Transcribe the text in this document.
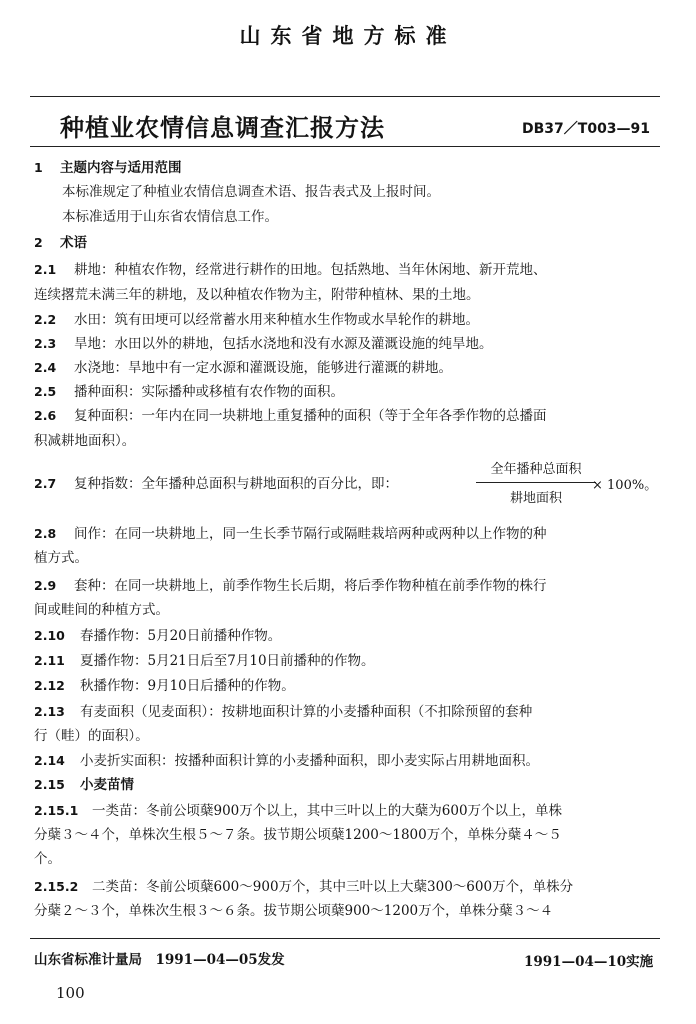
山东省地方标准
种植业农情信息调查汇报方法	DB37／T003—91
1 主题内容与适用范围
本标准规定了种植业农情信息调查术语、报告表式及上报时间。
本标准适用于山东省农情信息工作。
2 术语
2.1 耕地：种植农作物，经常进行耕作的田地。包括熟地、当年休闲地、新开荒地、
连续撂荒未满三年的耕地，及以种植农作物为主，附带种植林、果的土地。
2.2 水田：筑有田埂可以经常蓄水用来种植水生作物或水旱轮作的耕地。
2.3 旱地：水田以外的耕地，包括水浇地和没有水源及灌溉设施的纯旱地。
2.4 水浇地：旱地中有一定水源和灌溉设施，能够进行灌溉的耕地。
2.5 播种面积：实际播种或移植有农作物的面积。
2.6 复种面积：一年内在同一块耕地上重复播种的面积（等于全年各季作物的总播面
积减耕地面积）。
2.7 复种指数：全年播种总面积与耕地面积的百分比，即：
全年播种总面积
耕地面积
× 100%。
2.8 间作：在同一块耕地上，同一生长季节隔行或隔畦栽培两种或两种以上作物的种
植方式。
2.9 套种：在同一块耕地上，前季作物生长后期，将后季作物种植在前季作物的株行
间或畦间的种植方式。
2.10 春播作物：5月20日前播种作物。
2.11 夏播作物：5月21日后至7月10日前播种的作物。
2.12 秋播作物：9月10日后播种的作物。
2.13 有麦面积（见麦面积）：按耕地面积计算的小麦播种面积（不扣除预留的套种
行（畦）的面积）。
2.14 小麦折实面积：按播种面积计算的小麦播种面积，即小麦实际占用耕地面积。
2.15 小麦苗情
2.15.1 一类苗：冬前公顷蘖900万个以上，其中三叶以上的大蘖为600万个以上，单株
分蘖３～４个，单株次生根５～７条。拔节期公顷蘖1200～1800万个，单株分蘖４～５
个。
2.15.2 二类苗：冬前公顷蘖600～900万个，其中三叶以上大蘖300～600万个，单株分
分蘖２～３个，单株次生根３～６条。拔节期公顷蘖900～1200万个，单株分蘖３～４
山东省标准计量局　1991—04—05发发	1991—04—10实施
100
